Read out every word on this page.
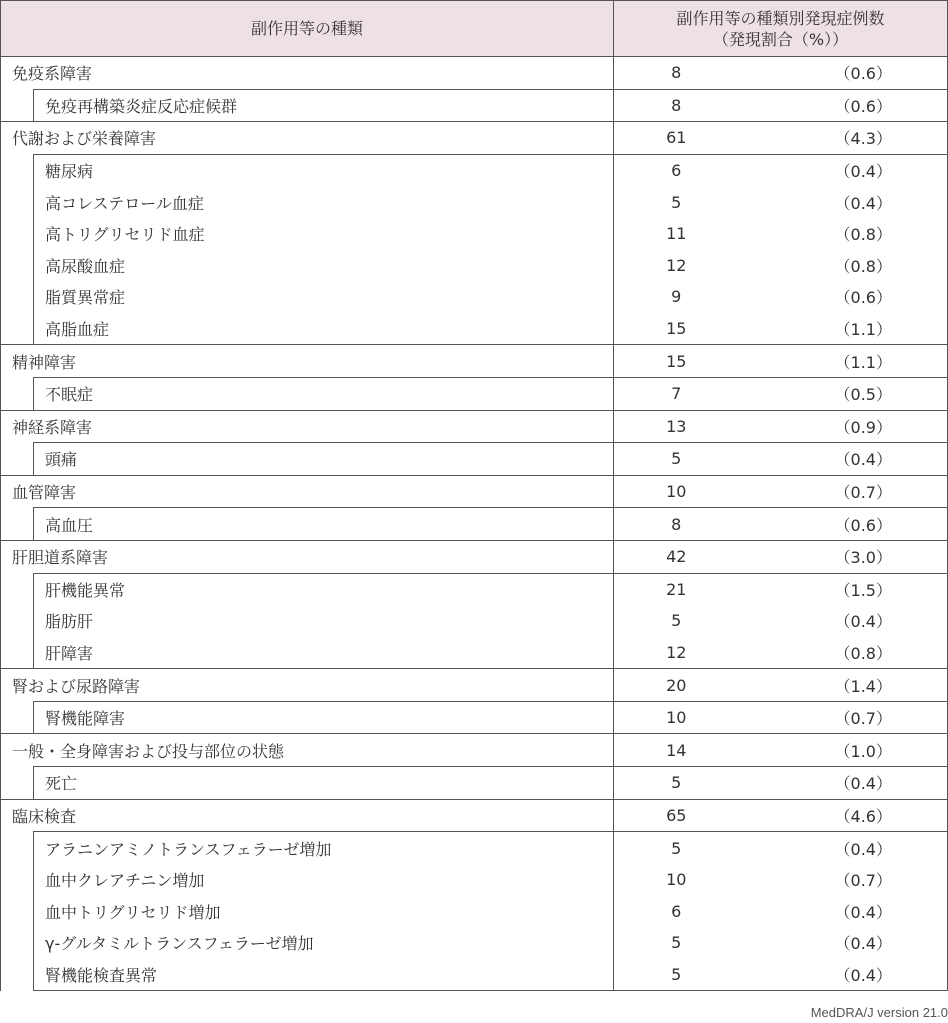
副作用等の種類		副作用等の種類別発現症例数
（発現割合（%））	

免疫系障害		8	（0.6）
	免疫再構築炎症反応症候群	8	（0.6）
代謝および栄養障害		61	（4.3）
	糖尿病	6	（0.4）
	高コレステロール血症	5	（0.4）
	高トリグリセリド血症	11	（0.8）
	高尿酸血症	12	（0.8）
	脂質異常症	9	（0.6）
	高脂血症	15	（1.1）
精神障害		15	（1.1）
	不眠症	7	（0.5）
神経系障害		13	（0.9）
	頭痛	5	（0.4）
血管障害		10	（0.7）
	高血圧	8	（0.6）
肝胆道系障害		42	（3.0）
	肝機能異常	21	（1.5）
	脂肪肝	5	（0.4）
	肝障害	12	（0.8）
腎および尿路障害		20	（1.4）
	腎機能障害	10	（0.7）
一般・全身障害および投与部位の状態		14	（1.0）
	死亡	5	（0.4）
臨床検査		65	（4.6）
	アラニンアミノトランスフェラーゼ増加	5	（0.4）
	血中クレアチニン増加	10	（0.7）
	血中トリグリセリド増加	6	（0.4）
	γ-グルタミルトランスフェラーゼ増加	5	（0.4）
	腎機能検査異常	5	（0.4）
MedDRA/J version 21.0
